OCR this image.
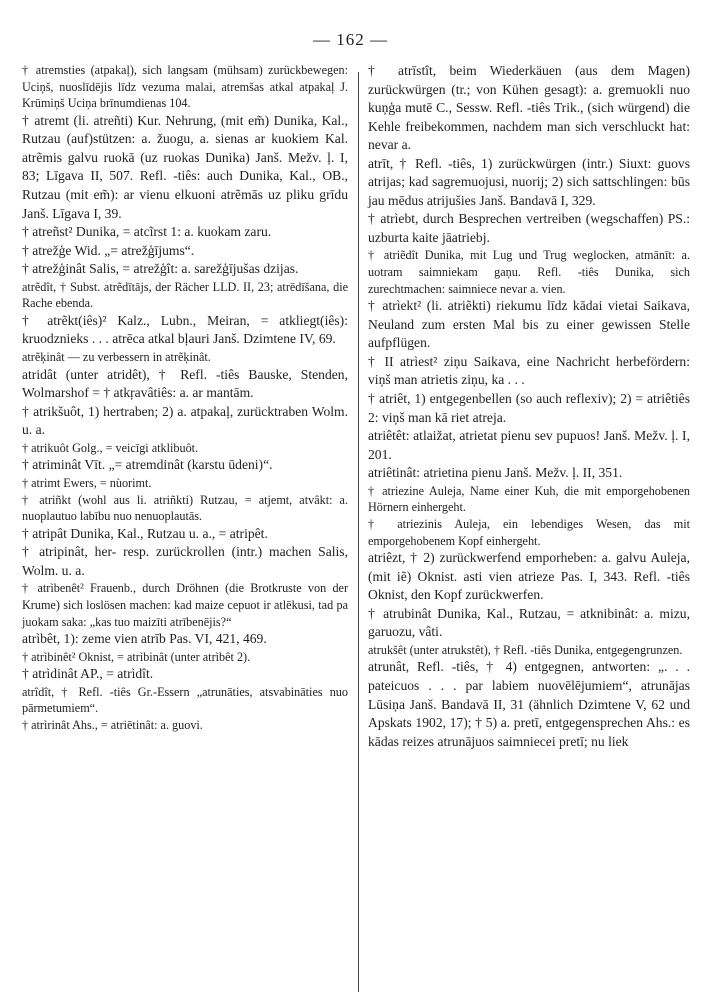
— 162 —

† atremsties (atpakaļ), sich langsam (mühsam) zurückbewegen: Uciņš, nuoslīdējis līdz vezuma malai, atremšas atkal atpakaļ J. Krūmiņš Uciņa brīnumdienas 104.

† atremt (li. atreñti) Kur. Nehrung, (mit em̃) Dunika, Kal., Rutzau (auf)stützen: a. žuogu, a. sienas ar kuokiem Kal. atrẽmis galvu ruokā (uz ruokas Dunika) Janš. Mežv. ļ. I, 83; Līgava II, 507. Refl. -tiês: auch Dunika, Kal., OB., Rutzau (mit em̃): ar vienu elkuoni atrẽmās uz pliku grīdu Janš. Līgava I, 39.

† atreñst² Dunika, = atcĩrst 1: a. kuokam zaru.

† atrežģe Wid. „= atrežģījums“.

† atrežģinât Salis, = atrežģît: a. sarežģījušas dzijas.

atrẽdît, † Subst. atrẽdītājs, der Rächer LLD. II, 23; atrēdīšana, die Rache ebenda.

† atrẽkt(iês)² Kalz., Lubn., Meiran, = atkliegt(iês): kruodznieks . . . atrēca atkal bļauri Janš. Dzimtene IV, 69.

atrẽķinât — zu verbessern in atrẽķinât.

atridât (unter atridêt), † Refl. -tiês Bauske, Stenden, Wolmarshof = † atkŗavâtiês: a. ar mantām.

† atrikšuôt, 1) hertraben; 2) a. atpakaļ, zurücktraben Wolm. u. a.

† atrikuôt Golg., = veicīgi atklibuôt.

† atriminât Vīt. „= atremdinât (karstu ūdeni)“.

† atrimt Ewers, = nùorimt.

† atriñkt (wohl aus li. atriñkti) Rutzau, = atjemt, atvâkt: a. nuoplautuo labību nuo nenuoplautās.

† atripât Dunika, Kal., Rutzau u. a., = atripêt.

† atripinât, her- resp. zurückrollen (intr.) machen Salis, Wolm. u. a.

† atrìbenêt² Frauenb., durch Dröhnen (die Brotkruste von der Krume) sich loslösen machen: kad maize cepuot ir atlēkusi, tad pa juokam saka: „kas tuo maizīti atrībenējis?“

atrìbêt, 1): zeme vien atrīb Pas. VI, 421, 469.

† atrìbinêt² Oknist, = atrìbinât (unter atrìbêt 2).

† atrìdinât AP., = atrìdît.

atrîdît, † Refl. -tiês Gr.-Essern „atrunāties, atsvabināties nuo pārmetumiem“.

† atrìrinât Ahs., = atriētinât: a. guovi.

† atrīstît, beim Wiederkäuen (aus dem Magen) zurückwürgen (tr.; von Kühen gesagt): a. gremuokli nuo kuņģa mutē C., Sessw. Refl. -tiês Trik., (sich würgend) die Kehle freibekommen, nachdem man sich verschluckt hat: nevar a.

atrīt, † Refl. -tiês, 1) zurückwürgen (intr.) Siuxt: guovs atrijas; kad sagremuojusi, nuorij; 2) sich sattschlingen: būs jau mēdus atrijušies Janš. Bandavā I, 329.

† atrìebt, durch Besprechen vertreiben (wegschaffen) PS.: uzburta kaite jāatriebj.

† atriẽdît Dunika, mit Lug und Trug weglocken, atmānīt: a. uotram saimniekam gaņu. Refl. -tiês Dunika, sich zurechtmachen: saimniece nevar a. vien.

† atrìekt² (li. atriẽkti) riekumu līdz kādai vietai Saikava, Neuland zum ersten Mal bis zu einer gewissen Stelle aufpflügen.

† II atrìest² ziņu Saikava, eine Nachricht herbefördern: viņš man atrietis ziņu, ka . . .

† atriêt, 1) entgegenbellen (so auch reflexiv); 2) = atriêtiês 2: viņš man kā riet atreja.

atriêtêt: atlaižat, atrietat pienu sev pupuos! Janš. Mežv. ļ. I, 201.

atriêtinât: atrietina pienu Janš. Mežv. ļ. II, 351.

† atriezine Auleja, Name einer Kuh, die mit emporgehobenen Hörnern einhergeht.

† atriezinis Auleja, ein lebendiges Wesen, das mit emporgehobenem Kopf einhergeht.

atriêzt, † 2) zurückwerfend emporheben: a. galvu Auleja, (mit iẽ) Oknist. asti vien atrieze Pas. I, 343. Refl. -tiês Oknist, den Kopf zurückwerfen.

† atrubinât Dunika, Kal., Rutzau, = atknibinât: a. mizu, garuozu, vâti.

atrukšêt (unter atrukstêt), † Refl. -tiês Dunika, entgegengrunzen.

atrunât, Refl. -tiês, † 4) entgegnen, antworten: „. . . pateicuos . . . par labiem nuovēlējumiem“, atrunājas Lūsiņa Janš. Bandavā II, 31 (ähnlich Dzimtene V, 62 und Apskats 1902, 17); † 5) a. pretī, entgegensprechen Ahs.: es kādas reizes atrunājuos saimniecei pretī; nu liek
